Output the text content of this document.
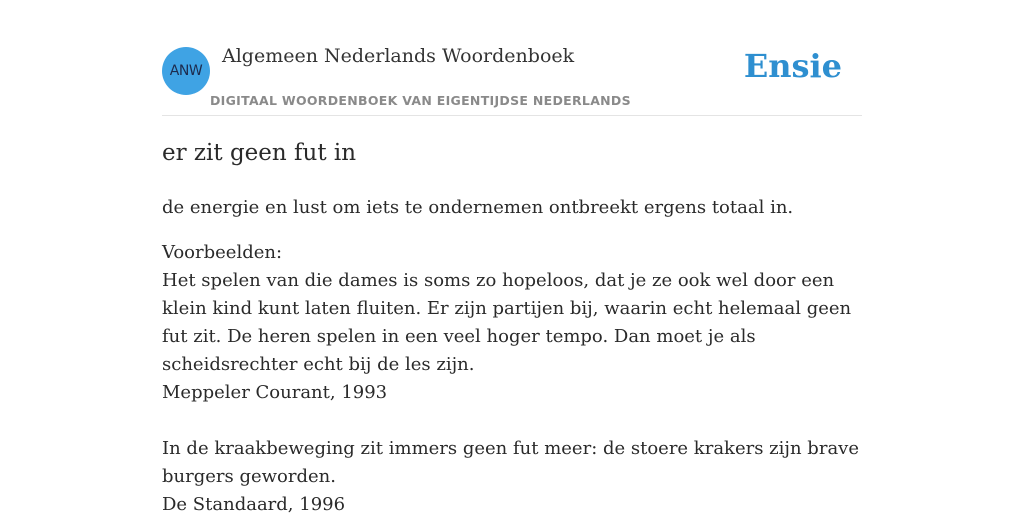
ANW
Algemeen Nederlands Woordenboek
DIGITAAL WOORDENBOEK VAN EIGENTIJDSE NEDERLANDS
Ensie
er zit geen fut in
de energie en lust om iets te ondernemen ontbreekt ergens totaal in.
Voorbeelden:
Het spelen van die dames is soms zo hopeloos, dat je ze ook wel door een klein kind kunt laten fluiten. Er zijn partijen bij, waarin echt helemaal geen fut zit. De heren spelen in een veel hoger tempo. Dan moet je als scheidsrechter echt bij de les zijn.
Meppeler Courant, 1993
In de kraakbeweging zit immers geen fut meer: de stoere krakers zijn brave burgers geworden.
De Standaard, 1996
